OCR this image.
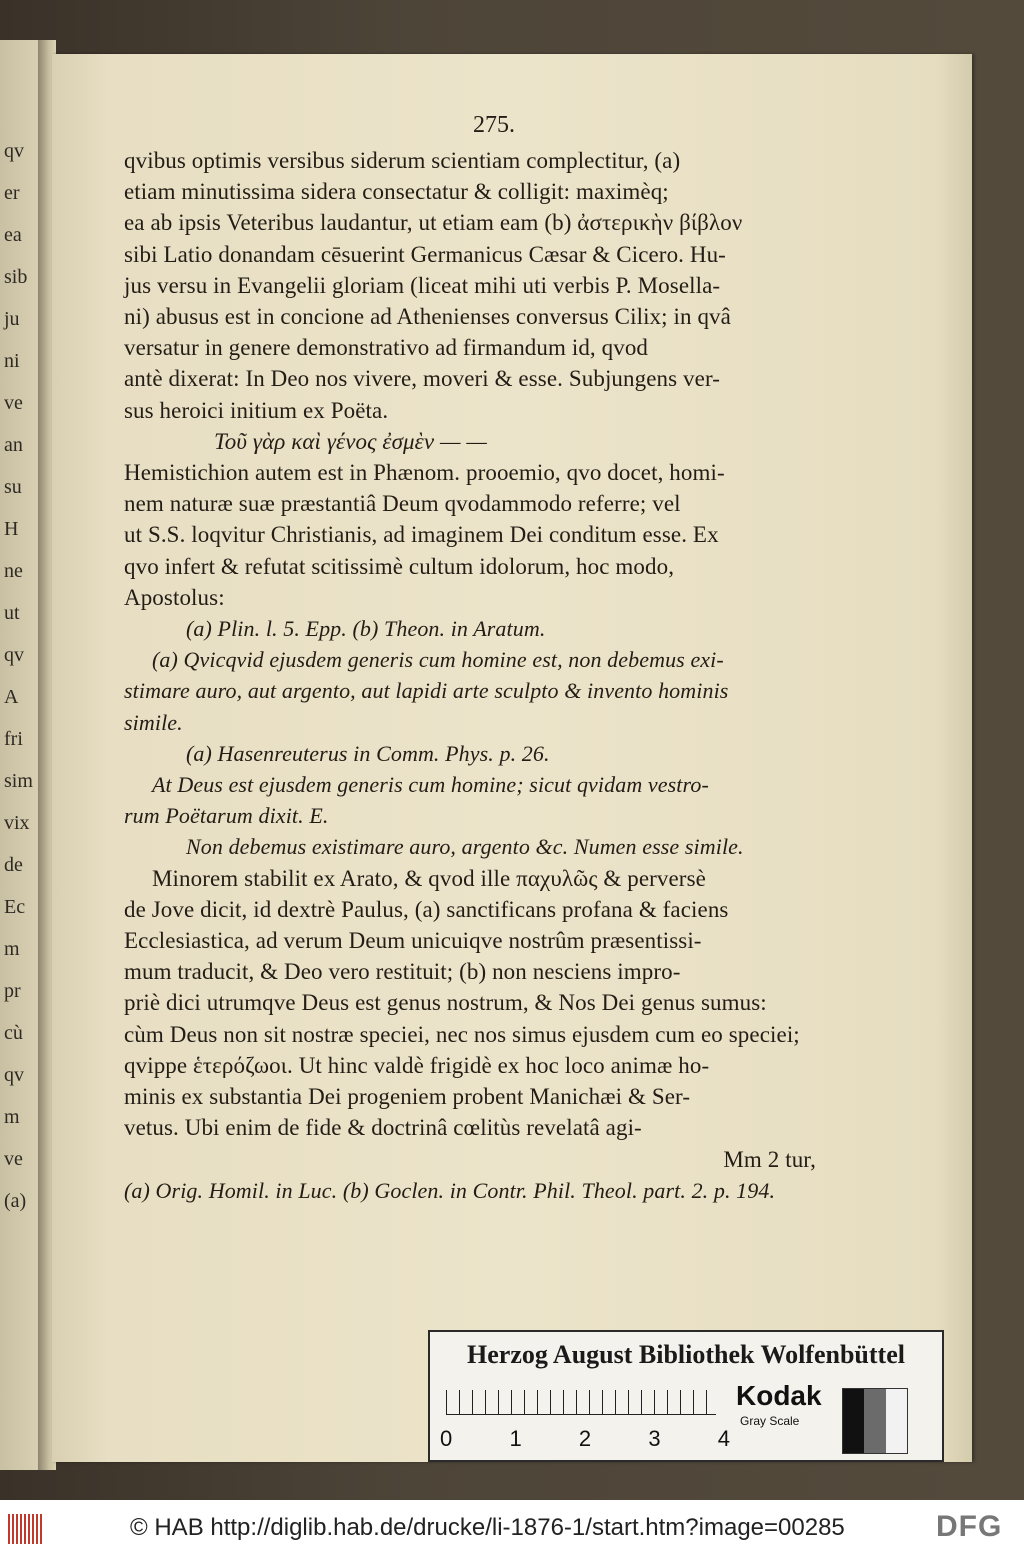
qv
er
ea
sib
ju
ni
ve
an
su
H
ne
ut
qv
A
fri
sim
vix
de
Ec
m
pr
cù
qv
m
ve
(a)
275.
qvibus optimis versibus siderum scientiam complectitur, (a)
etiam minutissima sidera consectatur & colligit: maximèq;
ea ab ipsis Veteribus laudantur, ut etiam eam (b) ἀστερικὴν βίβλον
sibi Latio donandam cēsuerint Germanicus Cæsar & Cicero. Hu-
jus versu in Evangelii gloriam (liceat mihi uti verbis P. Mosella-
ni) abusus est in concione ad Athenienses conversus Cilix; in qvâ
versatur in genere demonstrativo ad firmandum id, qvod
antè dixerat: In Deo nos vivere, moveri & esse. Subjungens ver-
sus heroici initium ex Poëta.
Τοῦ γὰρ καὶ γένος ἐσμὲν — —
Hemistichion autem est in Phænom. prooemio, qvo docet, homi-
nem naturæ suæ præstantiâ Deum qvodammodo referre; vel
ut S.S. loqvitur Christianis, ad imaginem Dei conditum esse. Ex
qvo infert & refutat scitissimè cultum idolorum, hoc modo,
Apostolus:
(a) Plin. l. 5. Epp. (b) Theon. in Aratum.
(a) Qvicqvid ejusdem generis cum homine est, non debemus exi-
stimare auro, aut argento, aut lapidi arte sculpto & invento hominis
simile.
(a) Hasenreuterus in Comm. Phys. p. 26.
At Deus est ejusdem generis cum homine; sicut qvidam vestro-
rum Poëtarum dixit. E.
Non debemus existimare auro, argento &c. Numen esse simile.
Minorem stabilit ex Arato, & qvod ille παχυλῶς & perversè
de Jove dicit, id dextrè Paulus, (a) sanctificans profana & faciens
Ecclesiastica, ad verum Deum unicuiqve nostrûm præsentissi-
mum traducit, & Deo vero restituit; (b) non nesciens impro-
priè dici utrumqve Deus est genus nostrum, & Nos Dei genus sumus:
cùm Deus non sit nostræ speciei, nec nos simus ejusdem cum eo speciei;
qvippe ἑτερόζωοι. Ut hinc valdè frigidè ex hoc loco animæ ho-
minis ex substantia Dei progeniem probent Manichæi & Ser-
vetus. Ubi enim de fide & doctrinâ cœlitùs revelatâ agi-
Mm 2 tur,
(a) Orig. Homil. in Luc. (b) Goclen. in Contr. Phil. Theol. part. 2. p. 194.
Herzog August Bibliothek Wolfenbüttel
0	1	2	3	4
Kodak
Gray Scale
© HAB http://diglib.hab.de/drucke/li-1876-1/start.htm?image=00285	DFG
